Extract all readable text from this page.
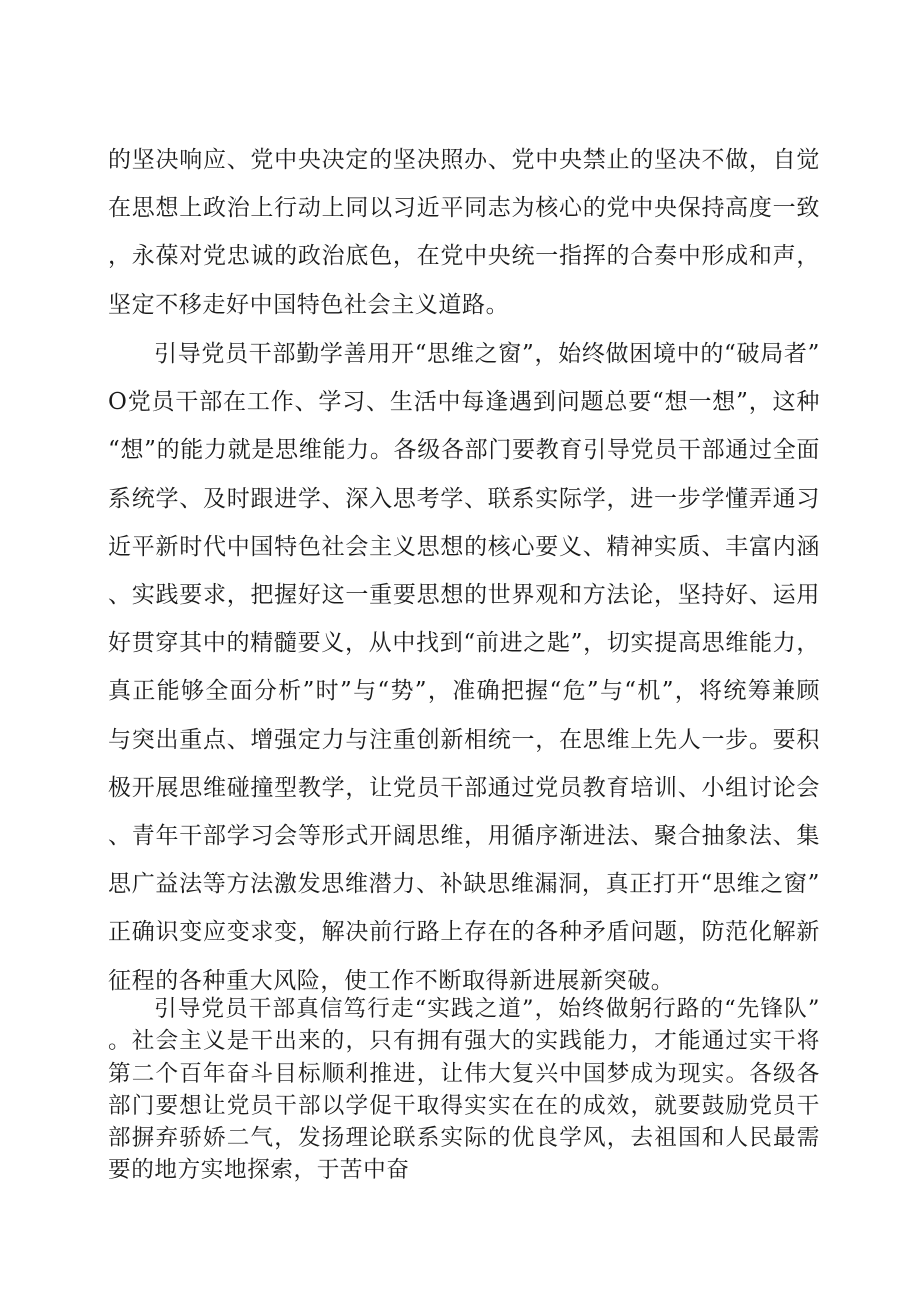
的坚决响应、党中央决定的坚决照办、党中央禁止的坚决不做，自觉在思想上政治上行动上同以习近平同志为核心的党中央保持高度一致，永葆对党忠诚的政治底色，在党中央统一指挥的合奏中形成和声，坚定不移走好中国特色社会主义道路。

引导党员干部勤学善用开“思维之窗”，始终做困境中的“破局者”O党员干部在工作、学习、生活中每逢遇到问题总要“想一想”，这种“想”的能力就是思维能力。各级各部门要教育引导党员干部通过全面系统学、及时跟进学、深入思考学、联系实际学，进一步学懂弄通习近平新时代中国特色社会主义思想的核心要义、精神实质、丰富内涵、实践要求，把握好这一重要思想的世界观和方法论，坚持好、运用好贯穿其中的精髓要义，从中找到“前进之匙”，切实提高思维能力，真正能够全面分析”时”与“势”，准确把握“危”与“机”，将统筹兼顾与突出重点、增强定力与注重创新相统一，在思维上先人一步。要积极开展思维碰撞型教学，让党员干部通过党员教育培训、小组讨论会、青年干部学习会等形式开阔思维，用循序渐进法、聚合抽象法、集思广益法等方法激发思维潜力、补缺思维漏洞，真正打开“思维之窗”正确识变应变求变，解决前行路上存在的各种矛盾问题，防范化解新征程的各种重大风险，使工作不断取得新进展新突破。

引导党员干部真信笃行走“实践之道”，始终做躬行路的“先锋队”。社会主义是干出来的，只有拥有强大的实践能力，才能通过实干将第二个百年奋斗目标顺利推进，让伟大复兴中国梦成为现实。各级各部门要想让党员干部以学促干取得实实在在的成效，就要鼓励党员干部摒弃骄娇二气，发扬理论联系实际的优良学风，去祖国和人民最需要的地方实地探索，于苦中奋
